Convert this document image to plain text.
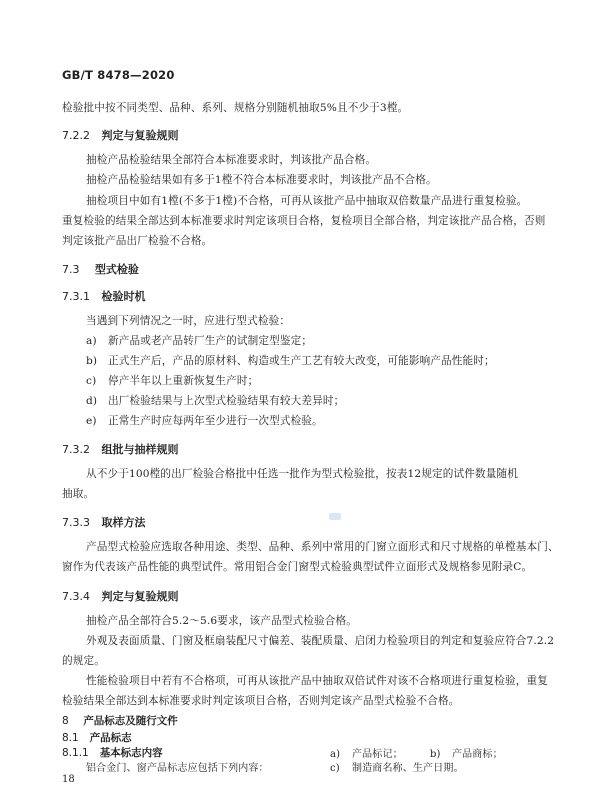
GB/T 8478—2020
检验批中按不同类型、品种、系列、规格分别随机抽取5%且不少于3樘。
7.2.2 判定与复验规则
抽检产品检验结果全部符合本标准要求时，判该批产品合格。
抽检产品检验结果如有多于1樘不符合本标准要求时，判该批产品不合格。
抽检项目中如有1樘(不多于1樘)不合格，可再从该批产品中抽取双倍数量产品进行重复检验。
重复检验的结果全部达到本标准要求时判定该项目合格，复检项目全部合格，判定该批产品合格，否则
判定该批产品出厂检验不合格。
7.3 型式检验
7.3.1 检验时机
当遇到下列情况之一时，应进行型式检验：
a) 新产品或老产品转厂生产的试制定型鉴定；
b) 正式生产后，产品的原材料、构造或生产工艺有较大改变，可能影响产品性能时；
c) 停产半年以上重新恢复生产时；
d) 出厂检验结果与上次型式检验结果有较大差异时；
e) 正常生产时应每两年至少进行一次型式检验。
7.3.2 组批与抽样规则
从不少于100樘的出厂检验合格批中任选一批作为型式检验批，按表12规定的试件数量随机
抽取。
7.3.3 取样方法
产品型式检验应选取各种用途、类型、品种、系列中常用的门窗立面形式和尺寸规格的单樘基本门、
窗作为代表该产品性能的典型试件。常用铝合金门窗型式检验典型试件立面形式及规格参见附录C。
7.3.4 判定与复验规则
抽检产品全部符合5.2～5.6要求，该产品型式检验合格。
外观及表面质量、门窗及框扇装配尺寸偏差、装配质量、启闭力检验项目的判定和复验应符合7.2.2
的规定。
性能检验项目中若有不合格项，可再从该批产品中抽取双倍试件对该不合格项进行重复检验，重复
检验结果全部达到本标准要求时判定该项目合格，否则判定该产品型式检验不合格。
8 产品标志及随行文件
8.1 产品标志
8.1.1 基本标志内容
铝合金门、窗产品标志应包括下列内容：
a) 产品标记；	b) 产品商标；
c) 制造商名称、生产日期。
18
